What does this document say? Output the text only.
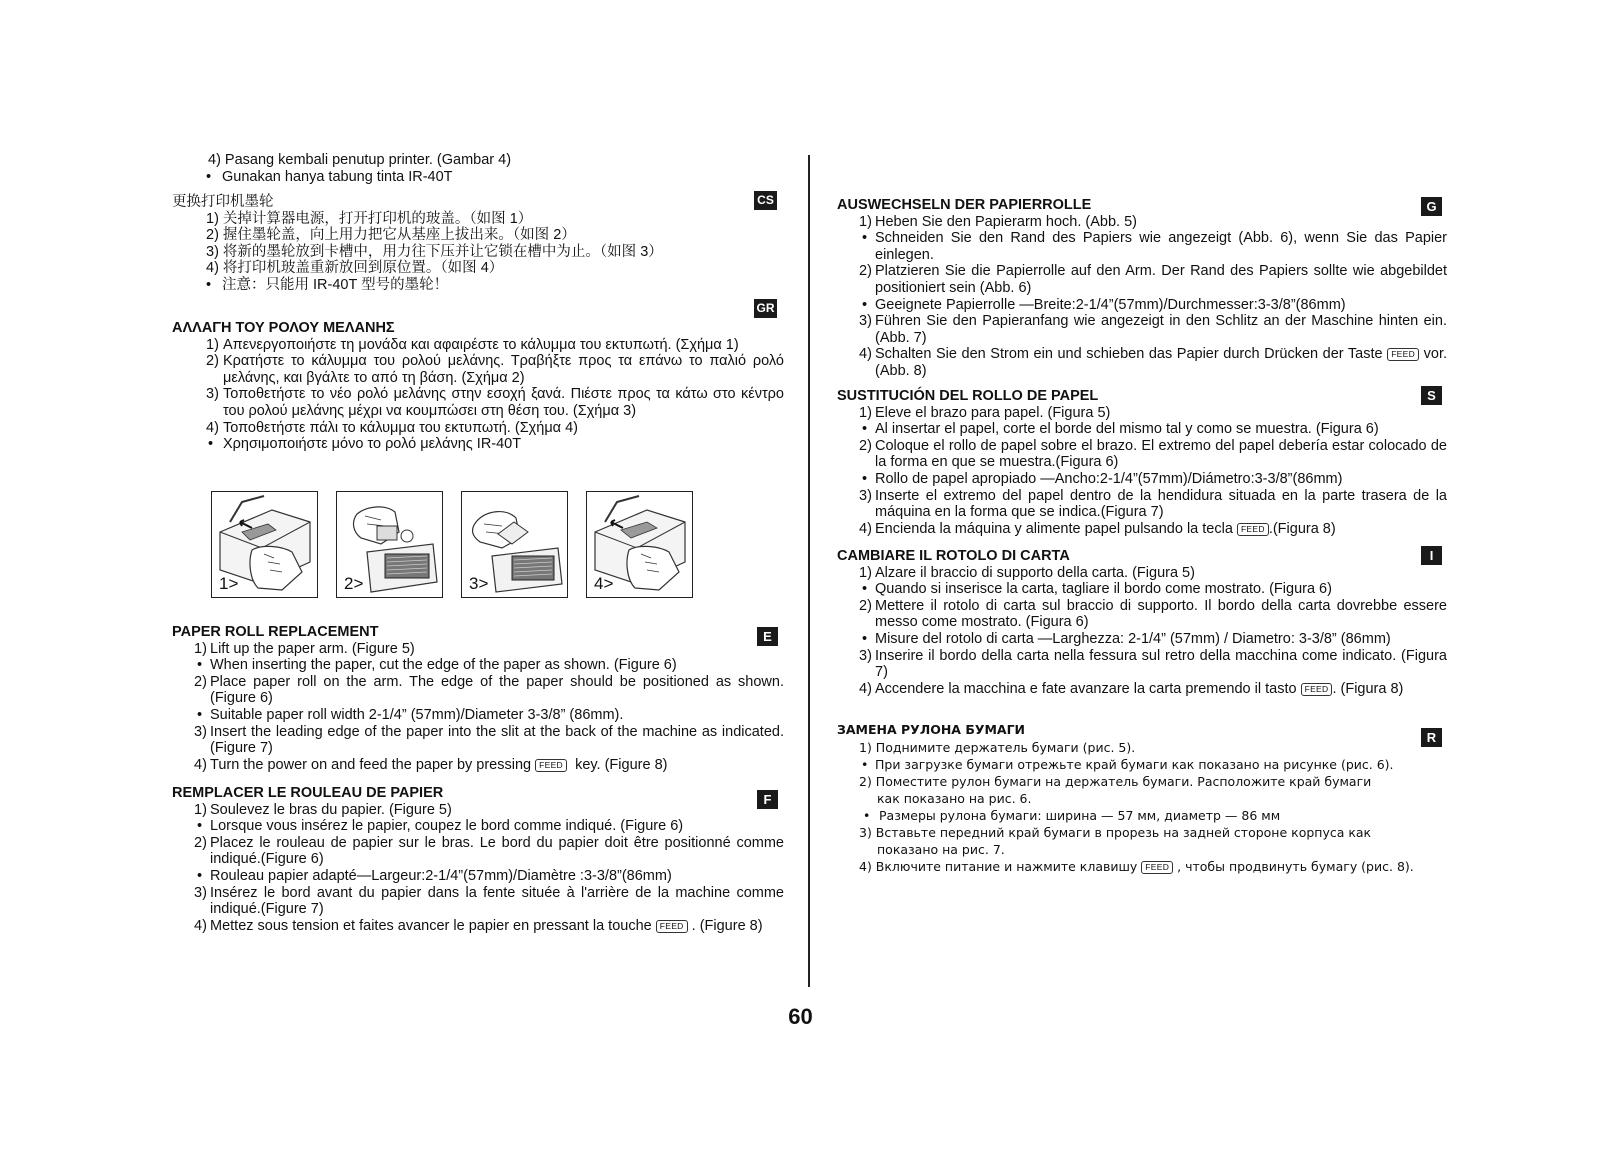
4) Pasang kembali penutup printer. (Gambar 4)
• Gunakan hanya tabung tinta IR-40T
更换打印机墨轮
1) 关掉计算器电源，打开打印机的玻盖。（如图 1）
2) 握住墨轮盖，向上用力把它从基座上拔出来。（如图 2）
3) 将新的墨轮放到卡槽中，用力往下压并让它锁在槽中为止。（如图 3）
4) 将打印机玻盖重新放回到原位置。（如图 4）
• 注意：只能用 IR-40T 型号的墨轮！
ΑΛΛΑΓΗ ΤΟΥ ΡΟΛΟΥ ΜΕΛΑΝΗΣ
1) Απενεργοποιήστε τη μονάδα και αφαιρέστε το κάλυμμα του εκτυπωτή. (Σχήμα 1)
2) Κρατήστε το κάλυμμα του ρολού μελάνης. Τραβήξτε προς τα επάνω το παλιό ρολό μελάνης, και βγάλτε το από τη βάση. (Σχήμα 2)
3) Τοποθετήστε το νέο ρολό μελάνης στην εσοχή ξανά. Πιέστε προς τα κάτω στο κέντρο του ρολού μελάνης μέχρι να κουμπώσει στη θέση του. (Σχήμα 3)
4) Τοποθετήστε πάλι το κάλυμμα του εκτυπωτή. (Σχήμα 4)
• Χρησιμοποιήστε μόνο το ρολό μελάνης IR-40T
PAPER ROLL REPLACEMENT
1) Lift up the paper arm. (Figure 5)
• When inserting the paper, cut the edge of the paper as shown. (Figure 6)
2) Place paper roll on the arm. The edge of the paper should be positioned as shown. (Figure 6)
• Suitable paper roll width 2-1/4” (57mm)/Diameter 3-3/8” (86mm).
3) Insert the leading edge of the paper into the slit at the back of the machine as indicated. (Figure 7)
4) Turn the power on and feed the paper by pressing FEED key. (Figure 8)
REMPLACER LE ROULEAU DE PAPIER
1) Soulevez le bras du papier. (Figure 5)
• Lorsque vous insérez le papier, coupez le bord comme indiqué. (Figure 6)
2) Placez le rouleau de papier sur le bras. Le bord du papier doit être positionné comme indiqué.(Figure 6)
• Rouleau papier adapté—Largeur:2-1/4”(57mm)/Diamètre :3-3/8”(86mm)
3) Insérez le bord avant du papier dans la fente située à l'arrière de la machine comme indiqué.(Figure 7)
4) Mettez sous tension et faites avancer le papier en pressant la touche FEED . (Figure 8)
CS
GR
E
F
1>	2>	3>	4>
AUSWECHSELN DER PAPIERROLLE
1) Heben Sie den Papierarm hoch. (Abb. 5)
• Schneiden Sie den Rand des Papiers wie angezeigt (Abb. 6), wenn Sie das Papier einlegen.
2) Platzieren Sie die Papierrolle auf den Arm. Der Rand des Papiers sollte wie abgebildet positioniert sein (Abb. 6)
• Geeignete Papierrolle —Breite:2-1/4”(57mm)/Durchmesser:3-3/8”(86mm)
3) Führen Sie den Papieranfang wie angezeigt in den Schlitz an der Maschine hinten ein.(Abb. 7)
4) Schalten Sie den Strom ein und schieben das Papier durch Drücken der Taste FEED vor.(Abb. 8)
SUSTITUCIÓN DEL ROLLO DE PAPEL
1) Eleve el brazo para papel. (Figura 5)
• Al insertar el papel, corte el borde del mismo tal y como se muestra. (Figura 6)
2) Coloque el rollo de papel sobre el brazo. El extremo del papel debería estar colocado de la forma en que se muestra.(Figura 6)
• Rollo de papel apropiado —Ancho:2-1/4”(57mm)/Diámetro:3-3/8”(86mm)
3) Inserte el extremo del papel dentro de la hendidura situada en la parte trasera de la máquina en la forma que se indica.(Figura 7)
4) Encienda la máquina y alimente papel pulsando la tecla FEED .(Figura 8)
CAMBIARE IL ROTOLO DI CARTA
1) Alzare il braccio di supporto della carta. (Figura 5)
• Quando si inserisce la carta, tagliare il bordo come mostrato. (Figura 6)
2) Mettere il rotolo di carta sul braccio di supporto. Il bordo della carta dovrebbe essere messo come mostrato. (Figura 6)
• Misure del rotolo di carta —Larghezza: 2-1/4” (57mm) / Diametro: 3-3/8” (86mm)
3) Inserire il bordo della carta nella fessura sul retro della macchina come indicato. (Figura 7)
4) Accendere la macchina e fate avanzare la carta premendo il tasto FEED . (Figura 8)
ЗАМЕНА РУЛОНА БУМАГИ
1) Поднимите держатель бумаги (рис. 5).
• При загрузке бумаги отрежьте край бумаги как показано на рисунке (рис. 6).
2) Поместите рулон бумаги на держатель бумаги. Расположите край бумаги
как показано на рис. 6.
• Размеры рулона бумаги: ширина — 57 мм, диаметр — 86 мм
3) Вставьте передний край бумаги в прорезь на задней стороне корпуса как
показано на рис. 7.
4) Включите питание и нажмите клавишу FEED , чтобы продвинуть бумагу (рис. 8).
G
S
I
R
60
